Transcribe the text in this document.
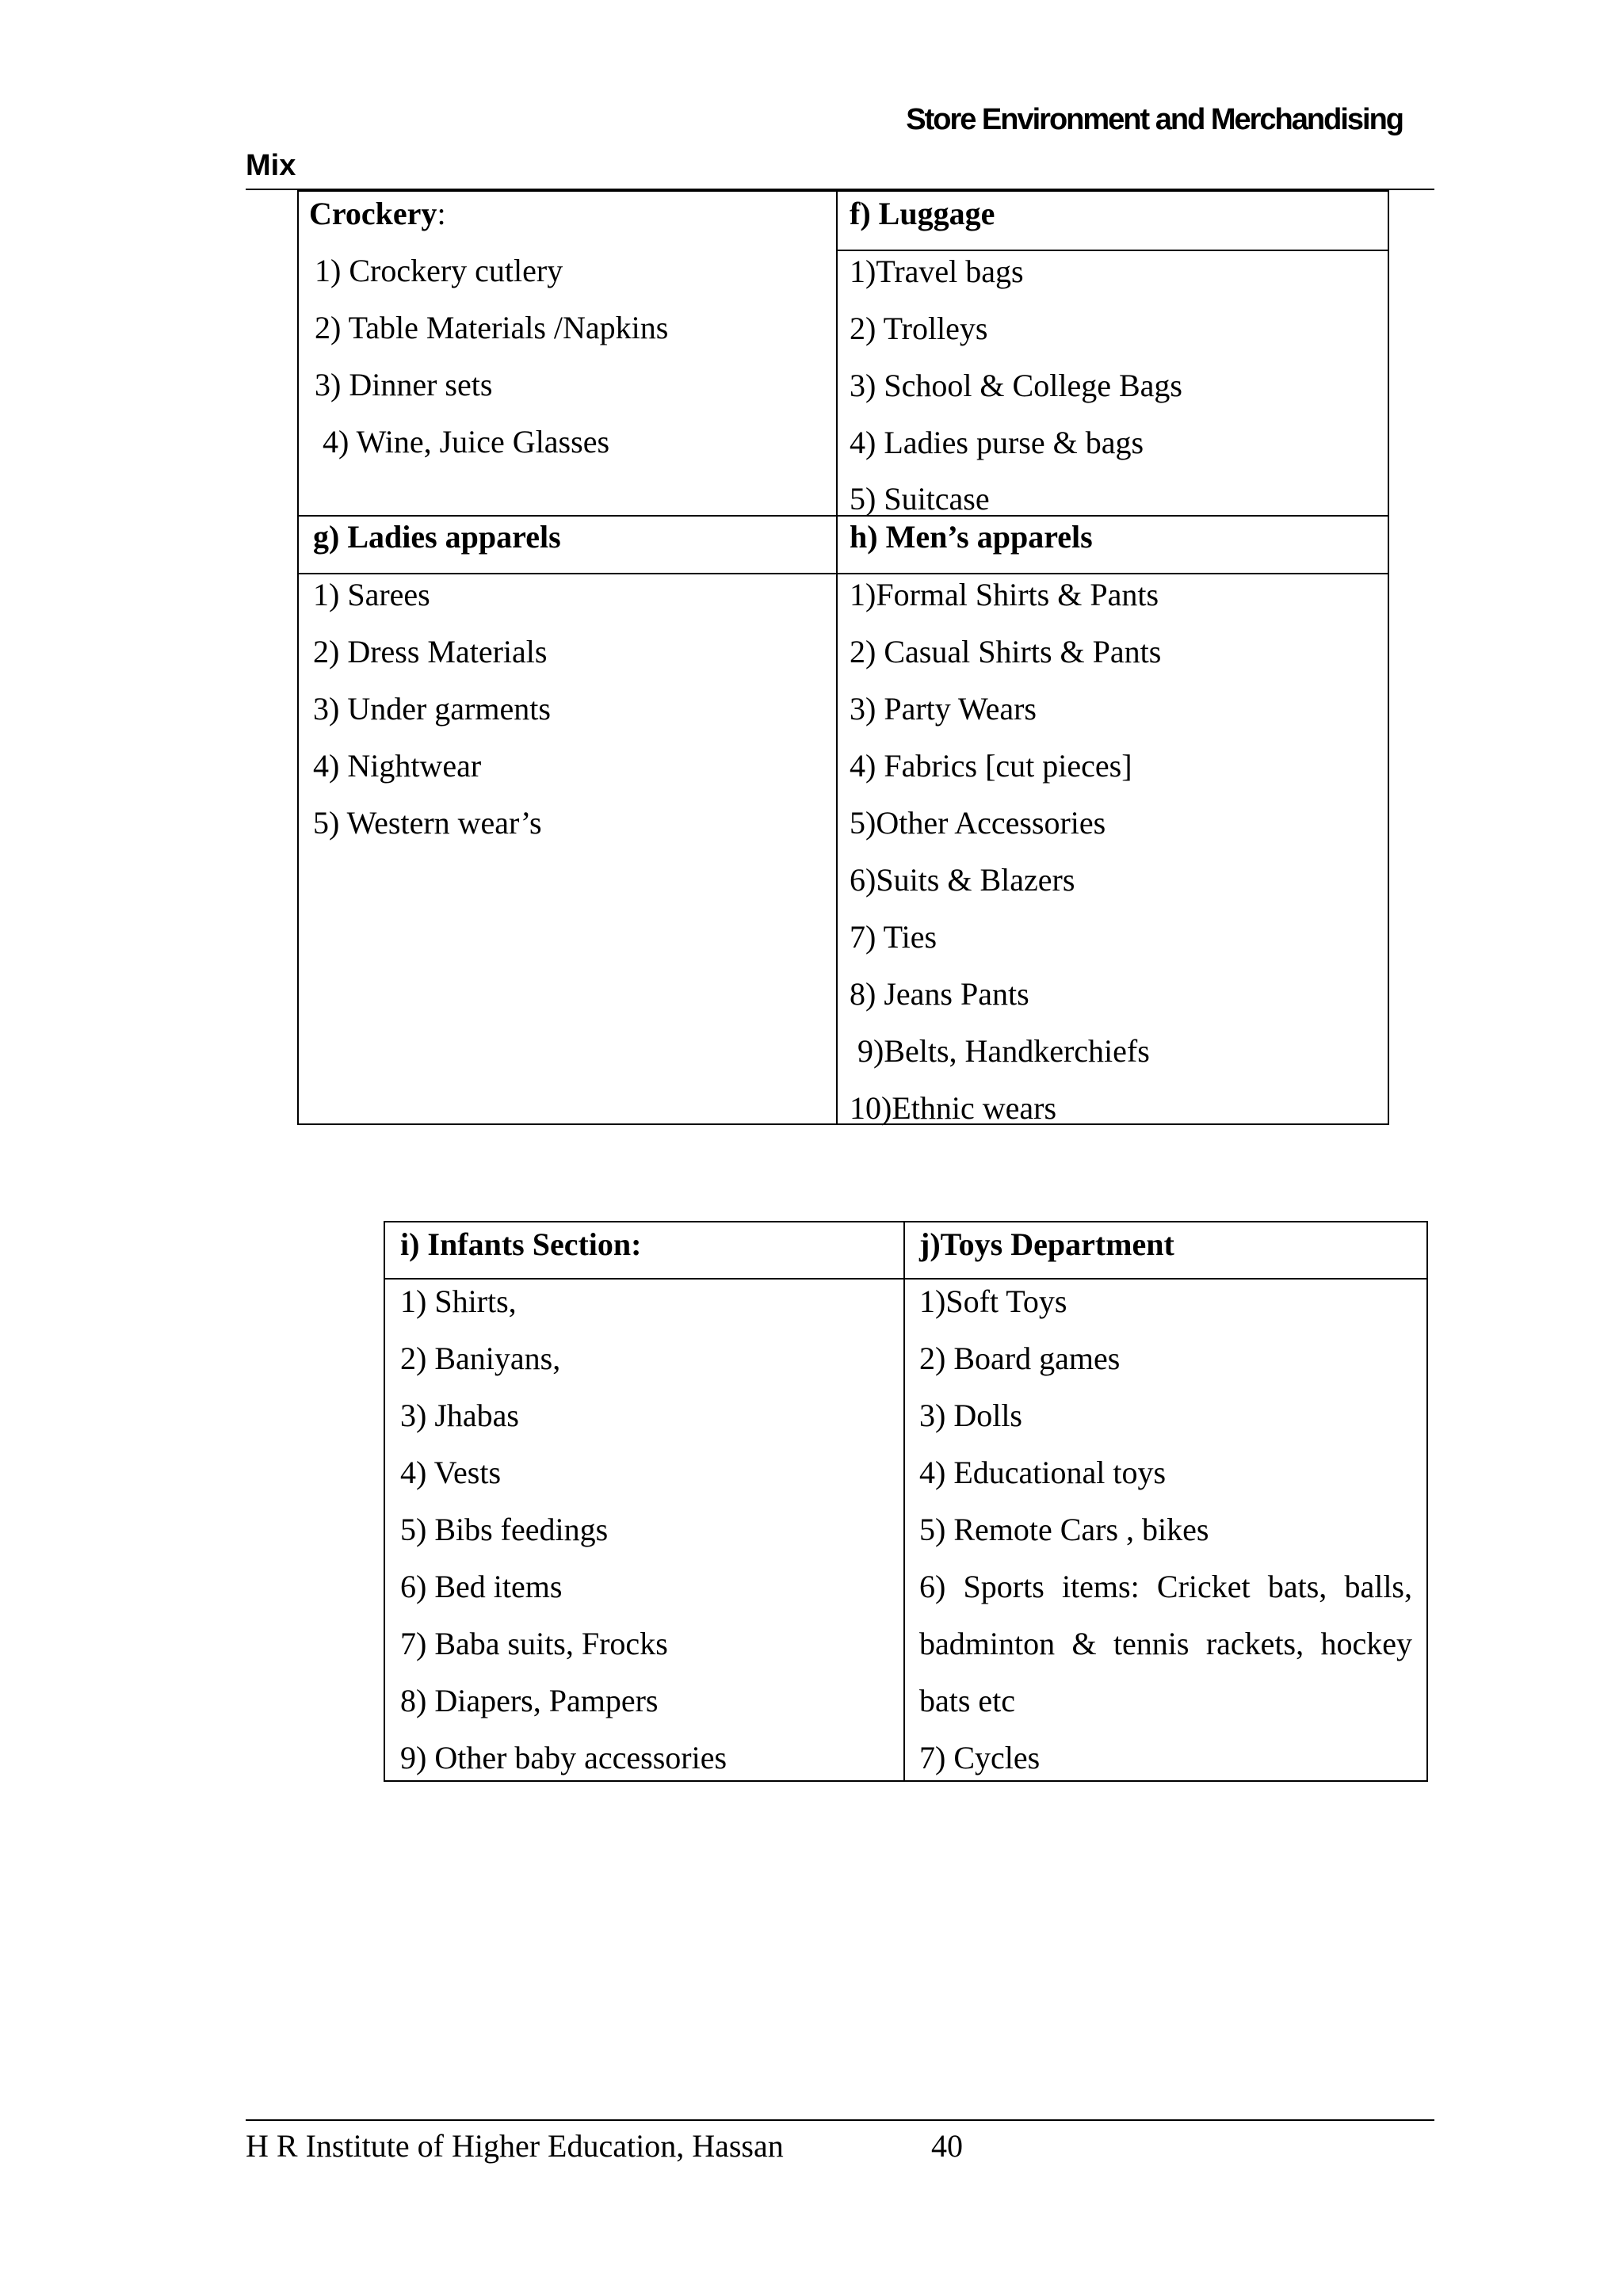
Store Environment and Merchandising
Mix
Crockery:
1) Crockery cutlery
2) Table Materials /Napkins
3) Dinner sets
4) Wine, Juice Glasses
f) Luggage
1)Travel bags
2) Trolleys
3) School & College Bags
4) Ladies purse & bags
5) Suitcase
g) Ladies apparels
1) Sarees
2) Dress Materials
3) Under garments
4) Nightwear
5) Western wear’s
h) Men’s apparels
1)Formal Shirts & Pants
2) Casual Shirts & Pants
3) Party Wears
4) Fabrics [cut pieces]
5)Other Accessories
6)Suits & Blazers
7) Ties
8) Jeans Pants
9)Belts, Handkerchiefs
10)Ethnic wears
i) Infants Section:
1) Shirts,
2) Baniyans,
3) Jhabas
4) Vests
5) Bibs feedings
6) Bed items
7) Baba suits, Frocks
8) Diapers, Pampers
9) Other baby accessories
j)Toys Department
1)Soft Toys
2) Board games
3) Dolls
4) Educational toys
5) Remote Cars , bikes
6) Sports items: Cricket bats, balls,
badminton & tennis rackets, hockey
bats etc
7) Cycles
H R Institute of Higher Education, Hassan	40
